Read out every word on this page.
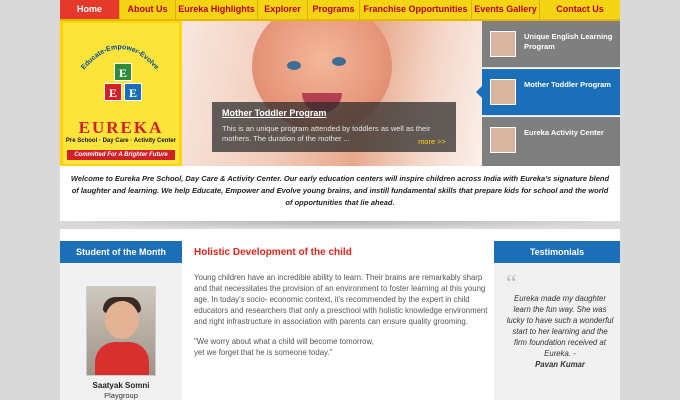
Home	About Us	Eureka Highlights	Explorer	Programs Franchise Opportunities Events Gallery	Contact Us
Educate-Empower-Evolve
E
E E
EUREKA
Pre School · Day Care · Activity Center
Committed For A Brighter Future
Mother Toddler Program
This is an unique program attended by toddlers as well as their mothers. The duration of the mother ...	more >>
Unique English Learning Program
Mother Toddler Program
Eureka Activity Center

Welcome to Eureka Pre School, Day Care & Activity Center. Our early education centers will inspire children across India with Eureka's signature blend of laughter and learning. We help Educate, Empower and Evolve young brains, and instill fundamental skills that prepare kids for school and the world of opportunities that lie ahead.

Student of the Month
Saatyak Somni
Playgroup
Holistic Development of the child

Young children have an incredible ability to learn. Their brains are remarkably sharp and that necessitates the provision of an environment to foster learning at this young age. In today's socio- economic context, it's recommended by the expert in child educators and researchers that only a preschool with holistic knowledge environment and right infrastructure in association with parents can ensure quality grooming.

"We worry about what a child will become tomorrow,
yet we forget that he is someone today."

Testimonials
“
Eureka made my daughter learn the fun way. She was lucky to have such a wonderful start to her learning and the firm foundation received at Eureka. -
Pavan Kumar
